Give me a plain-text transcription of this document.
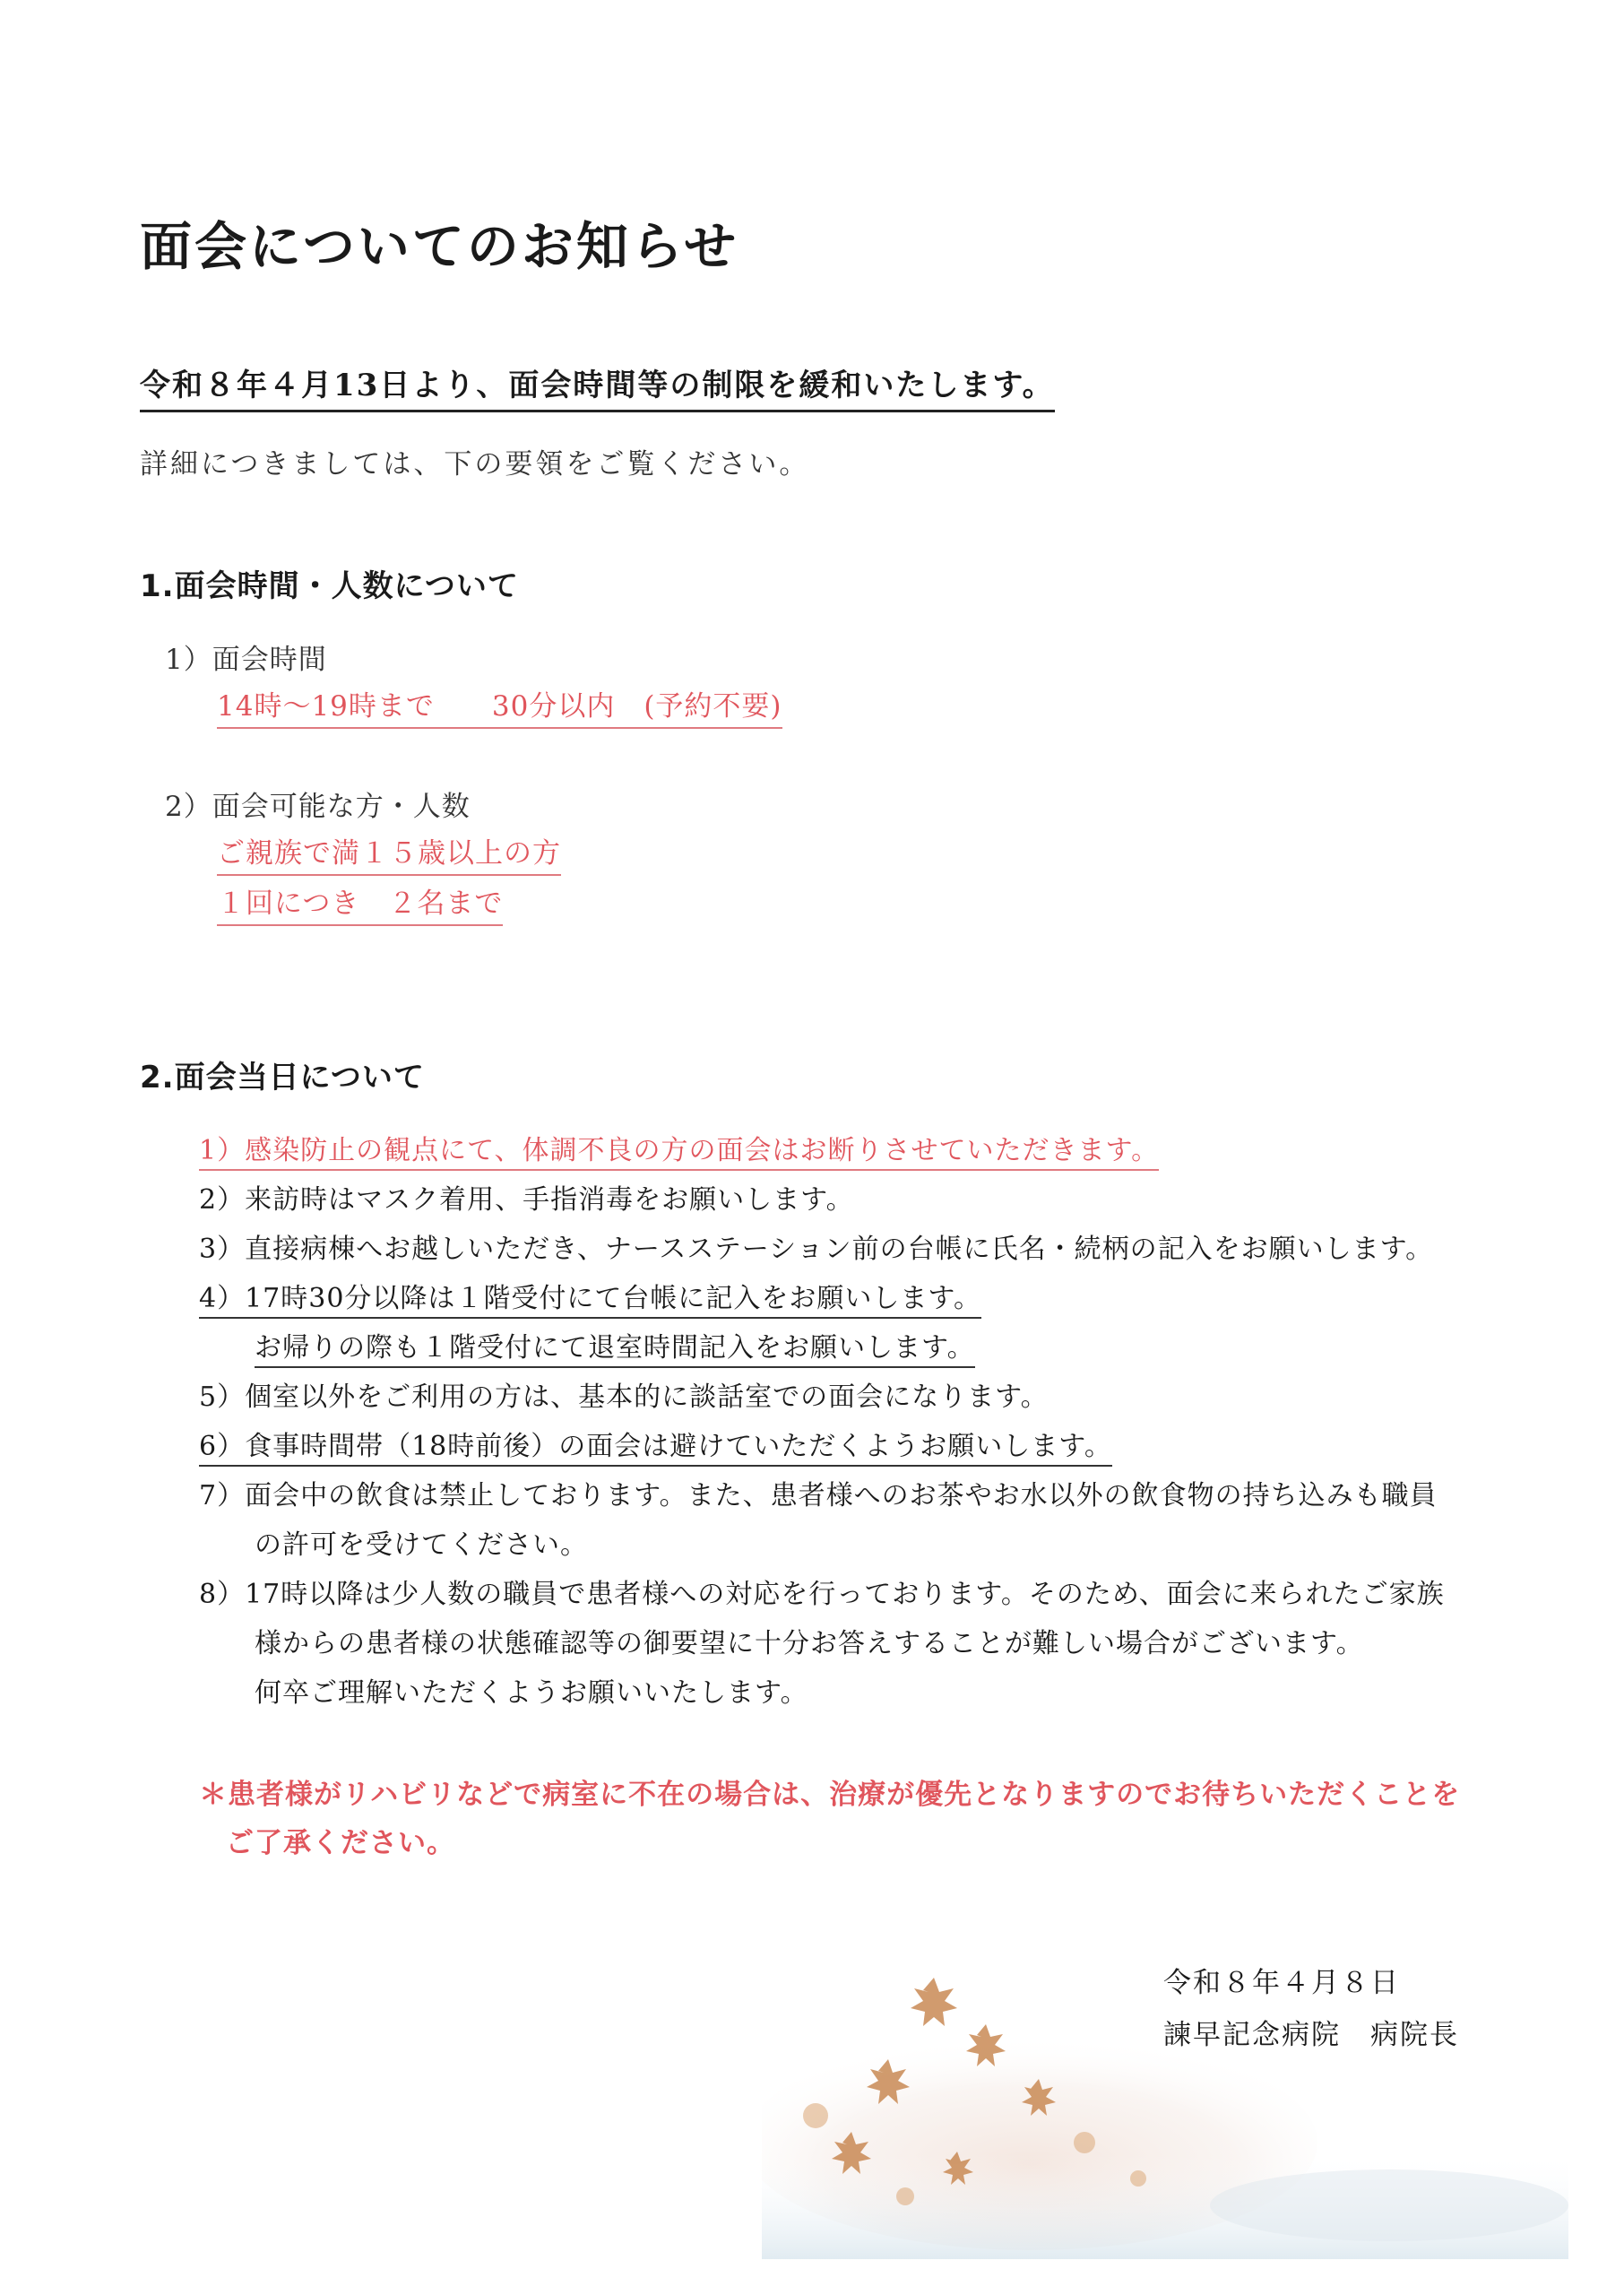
面会についてのお知らせ
令和８年４月13日より、面会時間等の制限を緩和いたします。
詳細につきましては、下の要領をご覧ください。
1.面会時間・人数について
1）面会時間
14時～19時まで　　30分以内　(予約不要)
2）面会可能な方・人数
ご親族で満１５歳以上の方
１回につき　２名まで
2.面会当日について
1）感染防止の観点にて、体調不良の方の面会はお断りさせていただきます。
2）来訪時はマスク着用、手指消毒をお願いします。
3）直接病棟へお越しいただき、ナースステーション前の台帳に氏名・続柄の記入をお願いします。
4）17時30分以降は１階受付にて台帳に記入をお願いします。
お帰りの際も１階受付にて退室時間記入をお願いします。
5）個室以外をご利用の方は、基本的に談話室での面会になります。
6）食事時間帯（18時前後）の面会は避けていただくようお願いします。
7）面会中の飲食は禁止しております。また、患者様へのお茶やお水以外の飲食物の持ち込みも職員
の許可を受けてください。
8）17時以降は少人数の職員で患者様への対応を行っております。そのため、面会に来られたご家族
様からの患者様の状態確認等の御要望に十分お答えすることが難しい場合がございます。
何卒ご理解いただくようお願いいたします。
＊患者様がリハビリなどで病室に不在の場合は、治療が優先となりますのでお待ちいただくことを
ご了承ください。
令和８年４月８日
諫早記念病院　病院長
